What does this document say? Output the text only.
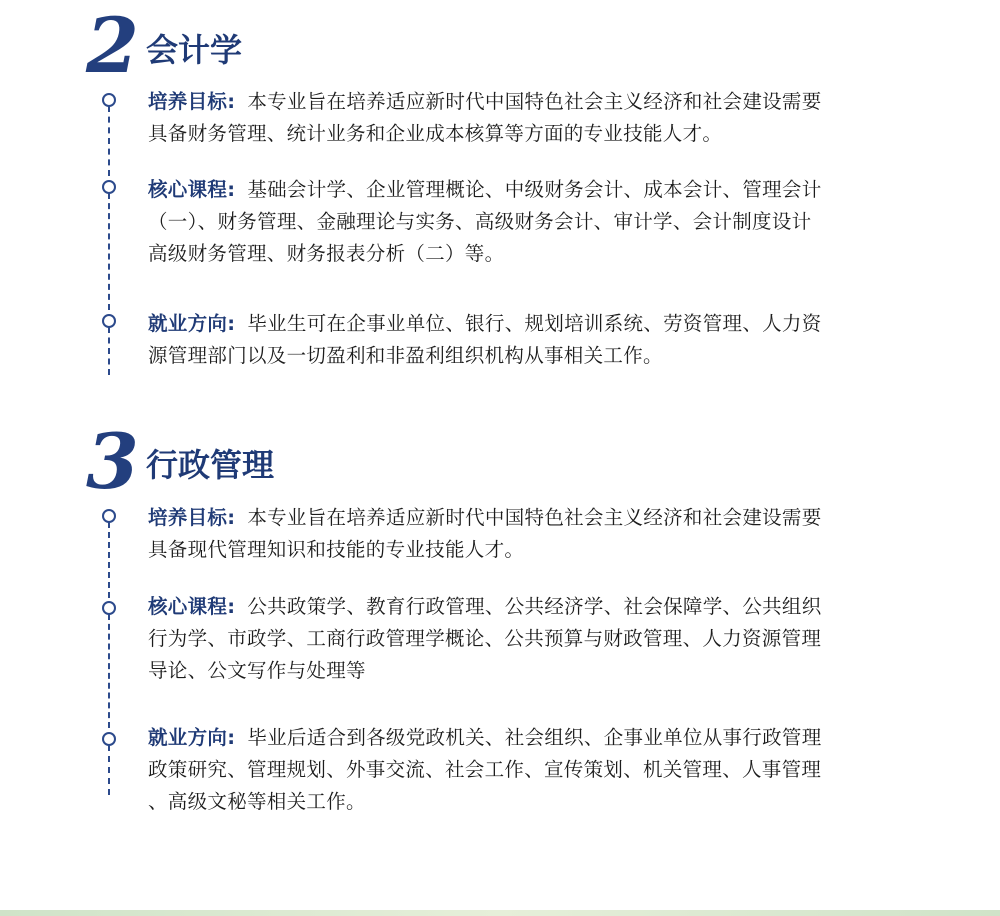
2 会计学
培养目标: 本专业旨在培养适应新时代中国特色社会主义经济和社会建设需要
具备财务管理、统计业务和企业成本核算等方面的专业技能人才。
核心课程: 基础会计学、企业管理概论、中级财务会计、成本会计、管理会计
（一）、财务管理、金融理论与实务、高级财务会计、审计学、会计制度设计
高级财务管理、财务报表分析（二）等。
就业方向: 毕业生可在企事业单位、银行、规划培训系统、劳资管理、人力资
源管理部门以及一切盈利和非盈利组织机构从事相关工作。
3 行政管理
培养目标: 本专业旨在培养适应新时代中国特色社会主义经济和社会建设需要
具备现代管理知识和技能的专业技能人才。
核心课程: 公共政策学、教育行政管理、公共经济学、社会保障学、公共组织
行为学、市政学、工商行政管理学概论、公共预算与财政管理、人力资源管理
导论、公文写作与处理等
就业方向: 毕业后适合到各级党政机关、社会组织、企事业单位从事行政管理
政策研究、管理规划、外事交流、社会工作、宣传策划、机关管理、人事管理
、高级文秘等相关工作。
